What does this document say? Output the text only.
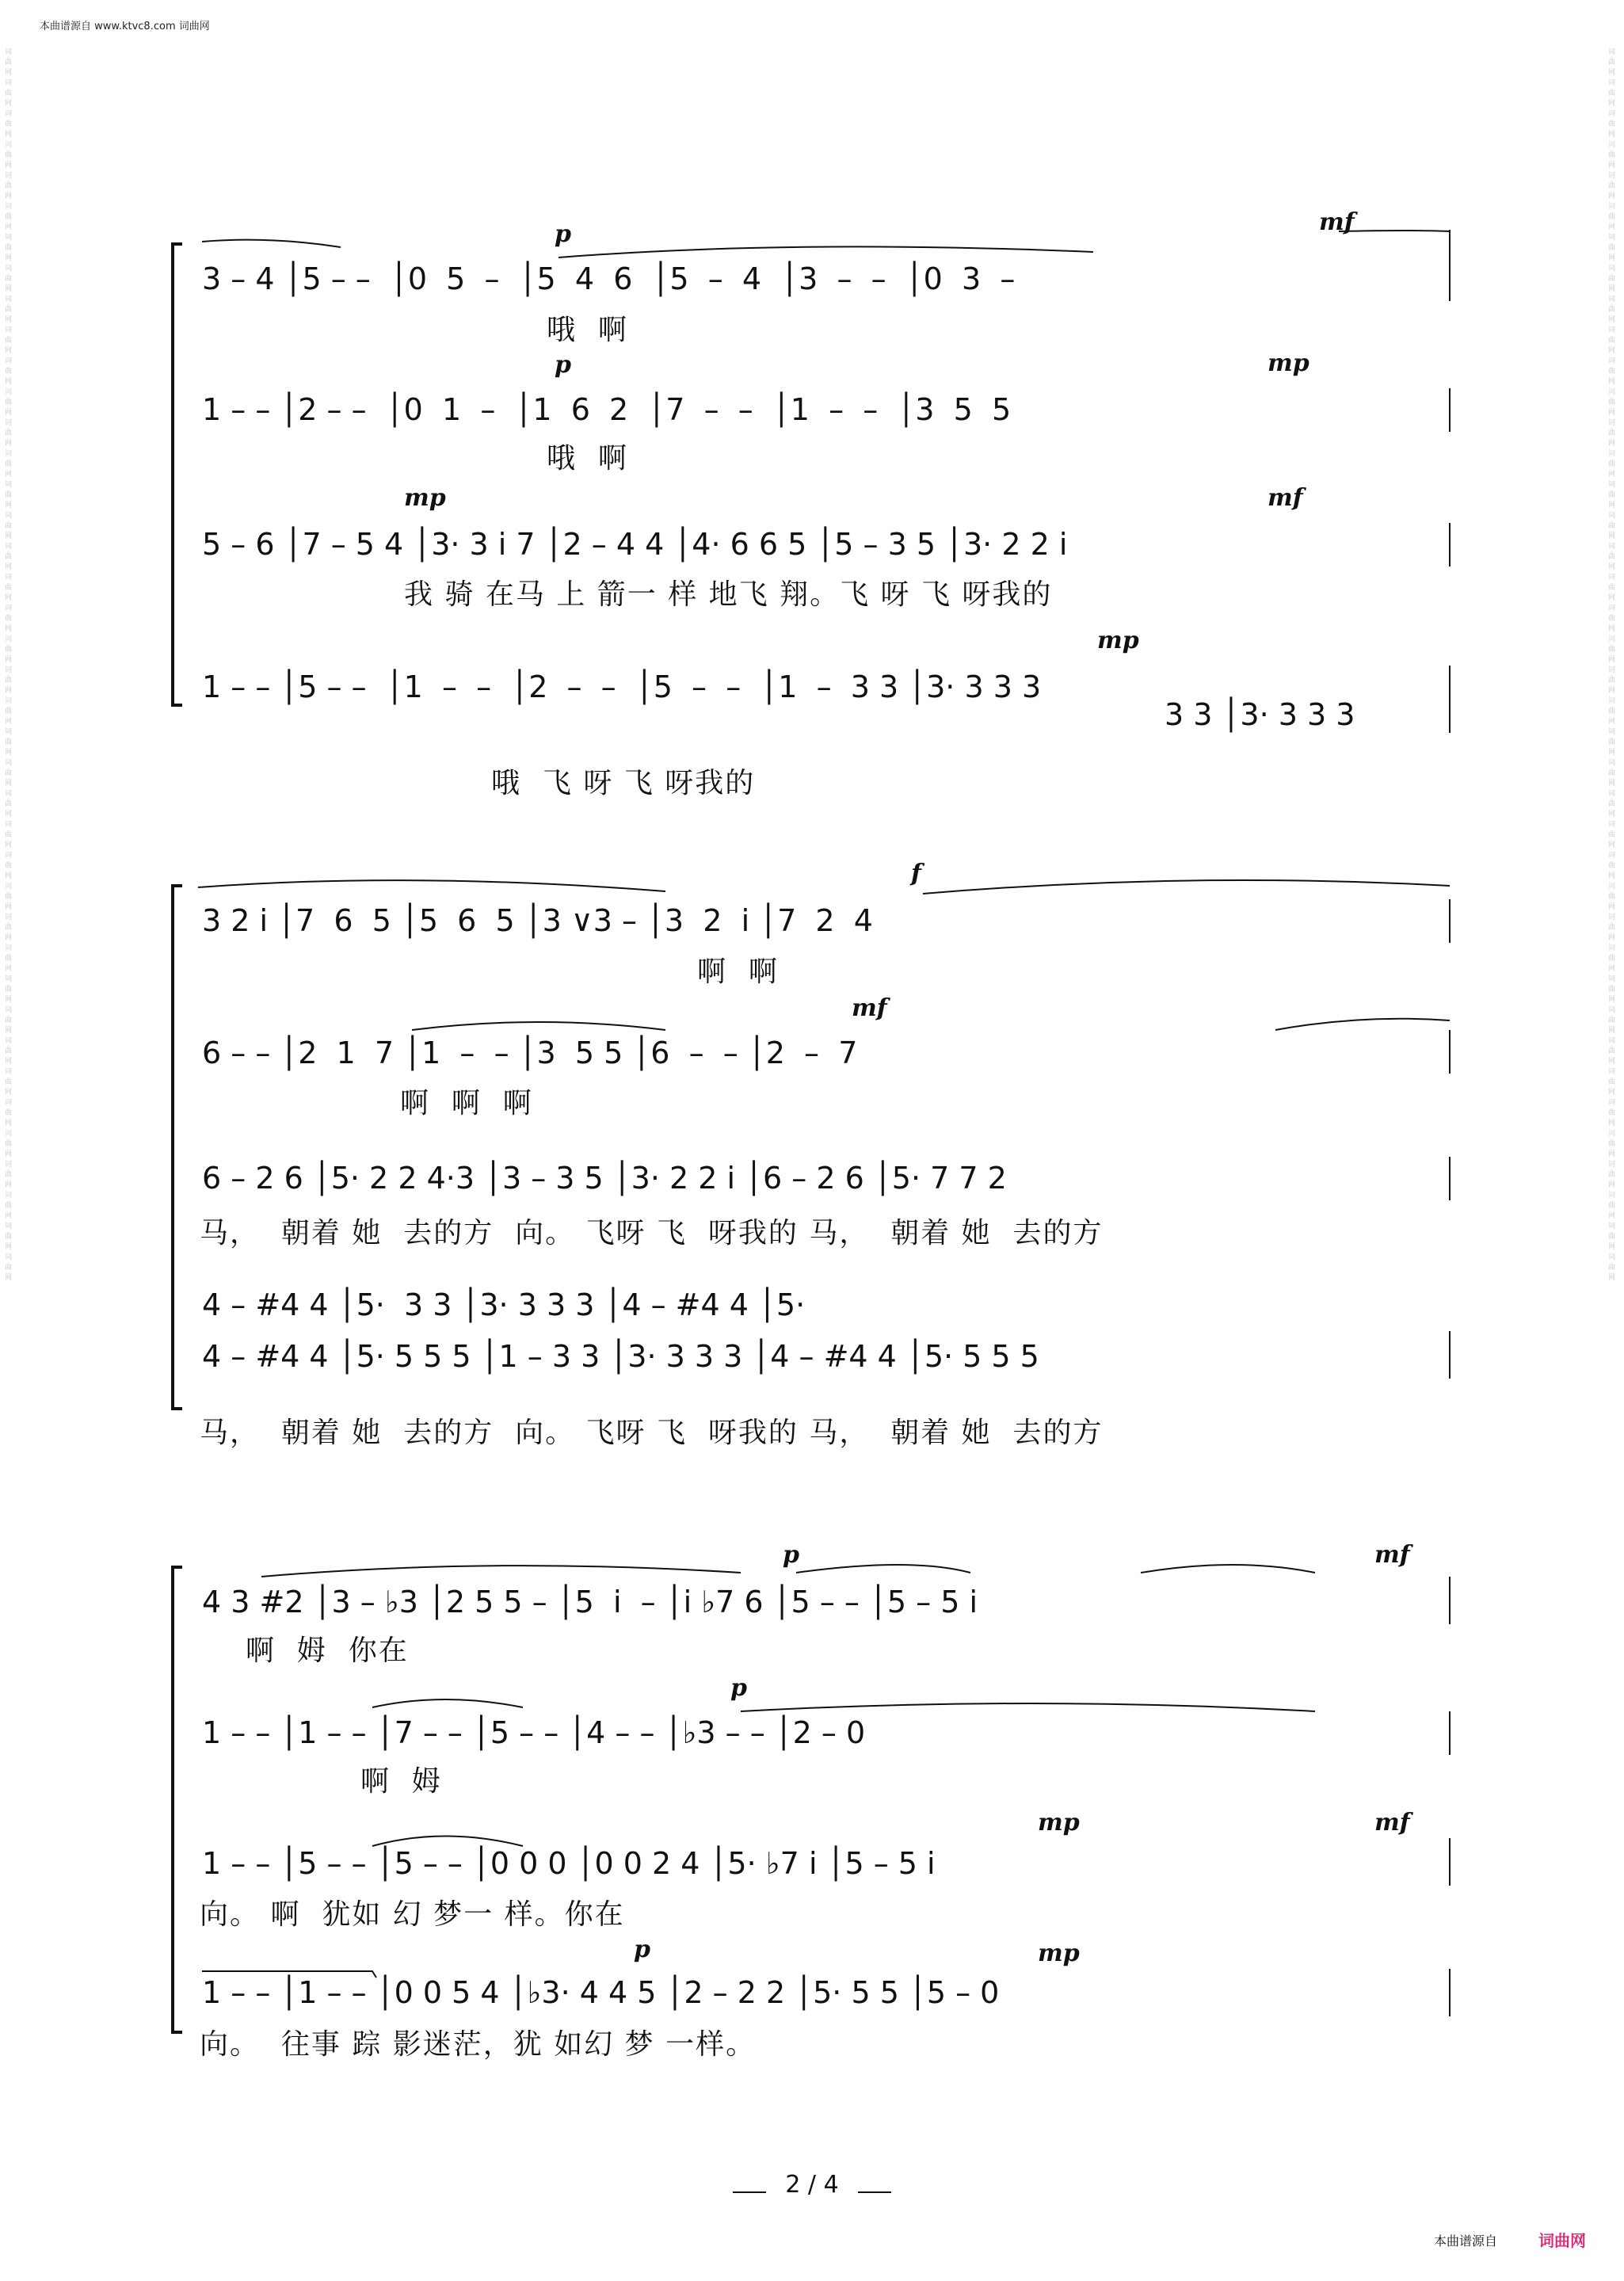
本曲谱源自 www.ktvc8.com 词曲网
词曲网词曲网词曲网词曲网词曲网词曲网词曲网词曲网词曲网词曲网词曲网词曲网词曲网词曲网词曲网词曲网词曲网词曲网词曲网词曲网词曲网词曲网词曲网词曲网词曲网词曲网词曲网词曲网词曲网词曲网词曲网词曲网词曲网词曲网词曲网词曲网词曲网词曲网词曲网词曲网
词曲网词曲网词曲网词曲网词曲网词曲网词曲网词曲网词曲网词曲网词曲网词曲网词曲网词曲网词曲网词曲网词曲网词曲网词曲网词曲网词曲网词曲网词曲网词曲网词曲网词曲网词曲网词曲网词曲网词曲网词曲网词曲网词曲网词曲网词曲网词曲网词曲网词曲网词曲网词曲网
p	mf
p	mp
mp	mf
mp
3 – 4 │5 – –  │0  5  –  │5  4  6  │5  –  4  │3  –  –  │0  3  –
哦  啊
1 – – │2 – –  │0  1  –  │1  6  2  │7  –  –  │1  –  –  │3  5  5
哦  啊
5 – 6 │7 – 5 4 │3· 3 i 7 │2 – 4 4 │4· 6 6 5 │5 – 3 5 │3· 2 2 i
我 骑 在马 上 箭一 样 地飞 翔。飞 呀 飞 呀我的
1 – – │5 – –  │1  –  –  │2  –  –  │5  –  –  │1  –  3 3 │3· 3 3 3
3 3 │3· 3 3 3
哦  飞 呀 飞 呀我的
f
mf
3 2 i │7  6  5 │5  6  5 │3 ∨3 – │3  2  i │7  2  4
啊  啊
6 – – │2  1  7 │1  –  – │3  5 5 │6  –  – │2  –  7
啊  啊  啊
6 – 2 6 │5· 2 2 4·3 │3 – 3 5 │3· 2 2 i │6 – 2 6 │5· 7 7 2
马，  朝着 她  去的方  向。 飞呀 飞  呀我的 马，  朝着 她  去的方
4 – #4 4 │5·  3 3 │3· 3 3 3 │4 – #4 4 │5·
4 – #4 4 │5· 5 5 5 │1 – 3 3 │3· 3 3 3 │4 – #4 4 │5· 5 5 5
马，  朝着 她  去的方  向。 飞呀 飞  呀我的 马，  朝着 她  去的方
p	mf
p
mp	mf
p	mp
4 3 #2 │3 – ♭3 │2 5 5 – │5  i  – │i ♭7 6 │5 – – │5 – 5 i
啊  姆  你在
1 – – │1 – – │7 – – │5 – – │4 – – │♭3 – – │2 – 0
啊  姆
1 – – │5 – – │5 – – │0 0 0 │0 0 2 4 │5· ♭7 i │5 – 5 i
向。 啊  犹如 幻 梦一 样。你在
1 – – │1 – – │0 0 5 4 │♭3· 4 4 5 │2 – 2 2 │5· 5 5 │5 – 0
向。  往事 踪 影迷茫，犹 如幻 梦 一样。
2 / 4
本曲谱源自	词曲网
